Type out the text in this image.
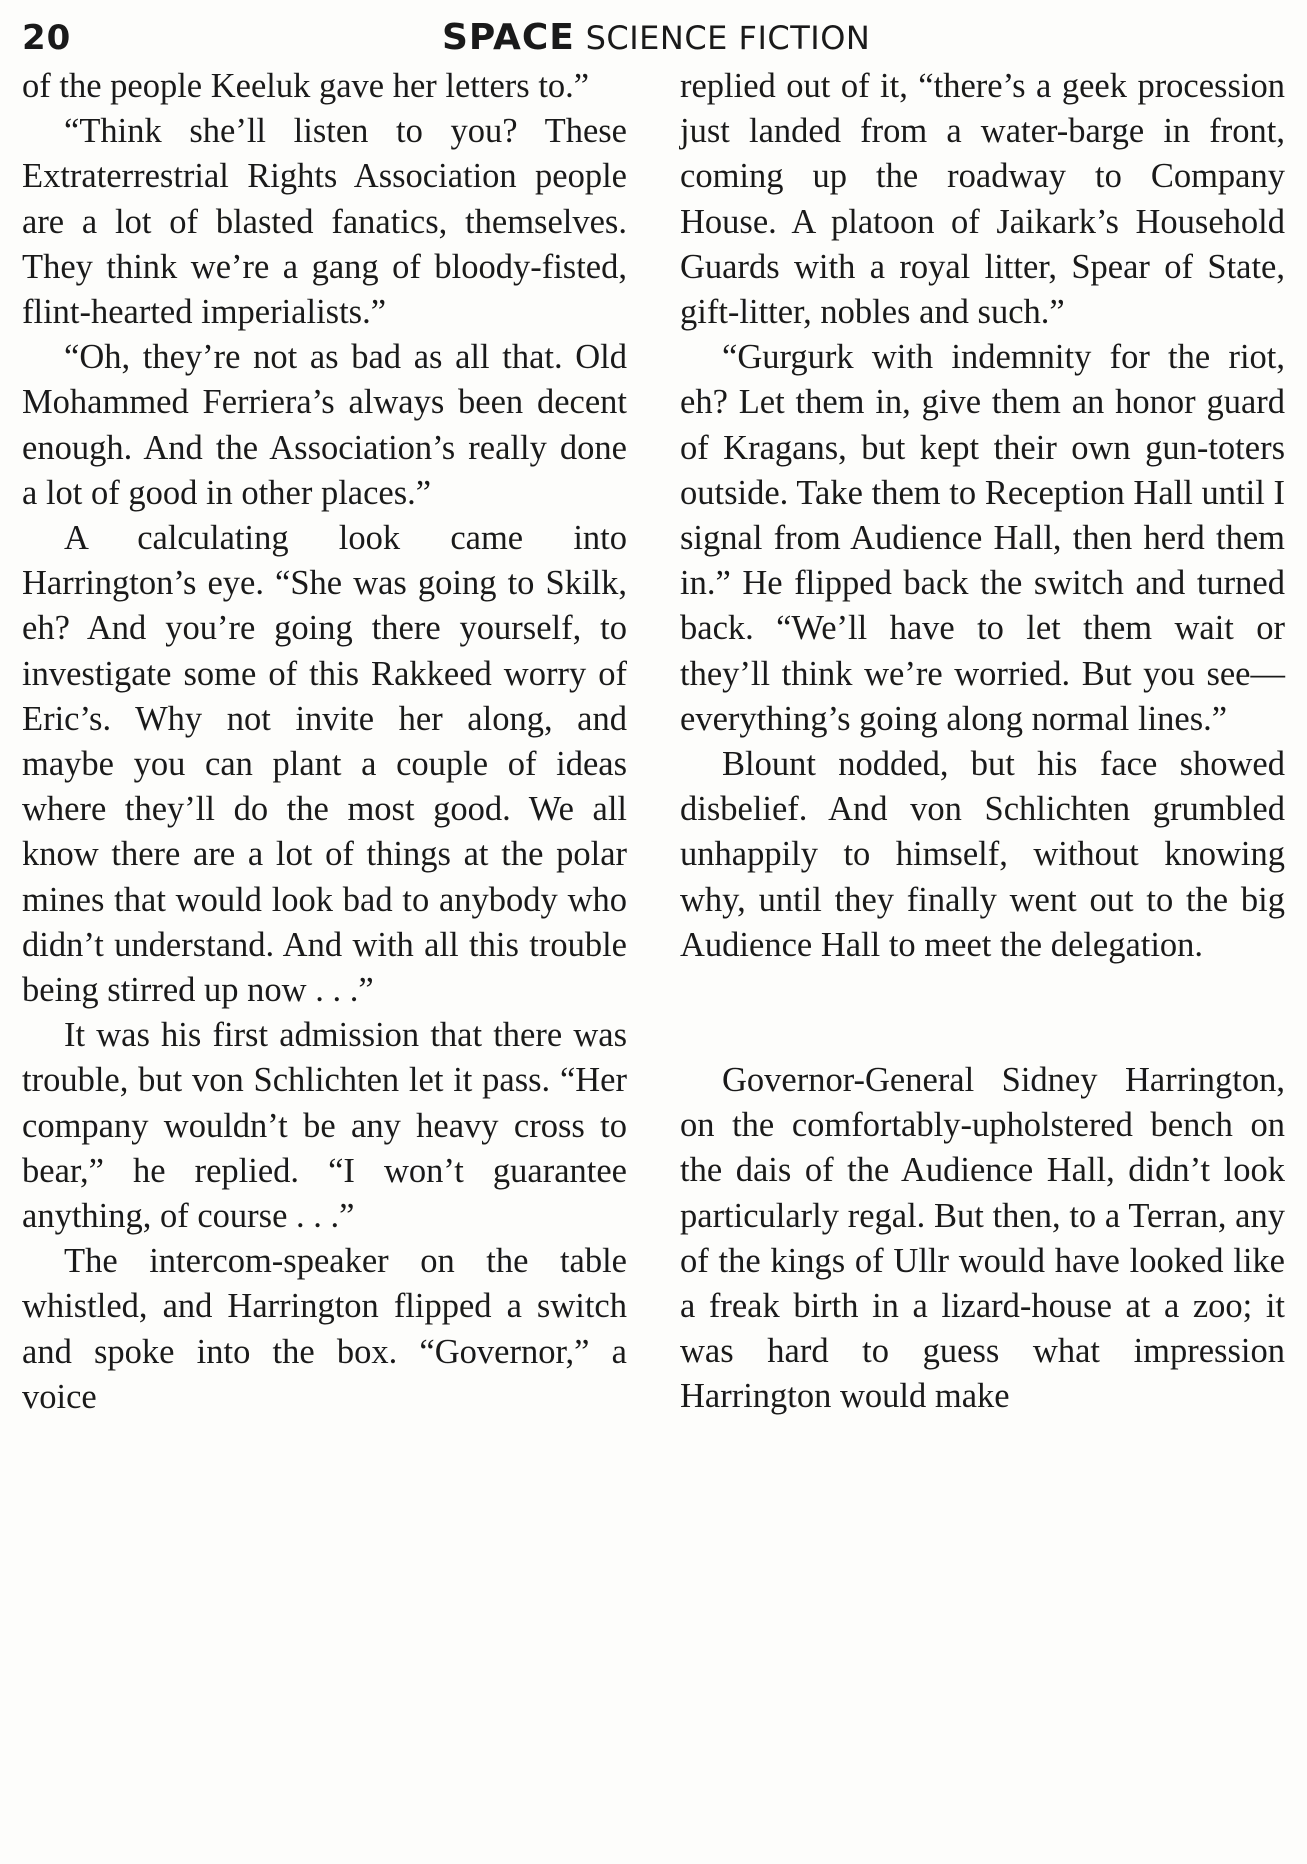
20	SPACE SCIENCE FICTION

of the people Keeluk gave her letters to.”

“Think she’ll listen to you? These Extraterrestrial Rights Association people are a lot of blasted fanatics, themselves. They think we’re a gang of bloody-fisted, flint-hearted imperialists.”

“Oh, they’re not as bad as all that. Old Mohammed Ferriera’s always been decent enough. And the Association’s really done a lot of good in other places.”

A calculating look came into Harrington’s eye. “She was going to Skilk, eh? And you’re going there yourself, to investigate some of this Rakkeed worry of Eric’s. Why not invite her along, and maybe you can plant a couple of ideas where they’ll do the most good. We all know there are a lot of things at the polar mines that would look bad to anybody who didn’t understand. And with all this trouble being stirred up now . . .”

It was his first admission that there was trouble, but von Schlichten let it pass. “Her company wouldn’t be any heavy cross to bear,” he replied. “I won’t guarantee anything, of course . . .”

The intercom-speaker on the table whistled, and Harrington flipped a switch and spoke into the box. “Governor,” a voice

replied out of it, “there’s a geek procession just landed from a water-barge in front, coming up the roadway to Company House. A platoon of Jaikark’s Household Guards with a royal litter, Spear of State, gift-litter, nobles and such.”

“Gurgurk with indemnity for the riot, eh? Let them in, give them an honor guard of Kragans, but kept their own gun-toters outside. Take them to Reception Hall until I signal from Audience Hall, then herd them in.” He flipped back the switch and turned back. “We’ll have to let them wait or they’ll think we’re worried. But you see—everything’s going along normal lines.”

Blount nodded, but his face showed disbelief. And von Schlichten grumbled unhappily to himself, without knowing why, until they finally went out to the big Audience Hall to meet the delegation.

Governor-General Sidney Harrington, on the comfortably-upholstered bench on the dais of the Audience Hall, didn’t look particularly regal. But then, to a Terran, any of the kings of Ullr would have looked like a freak birth in a lizard-house at a zoo; it was hard to guess what impression Harrington would make
